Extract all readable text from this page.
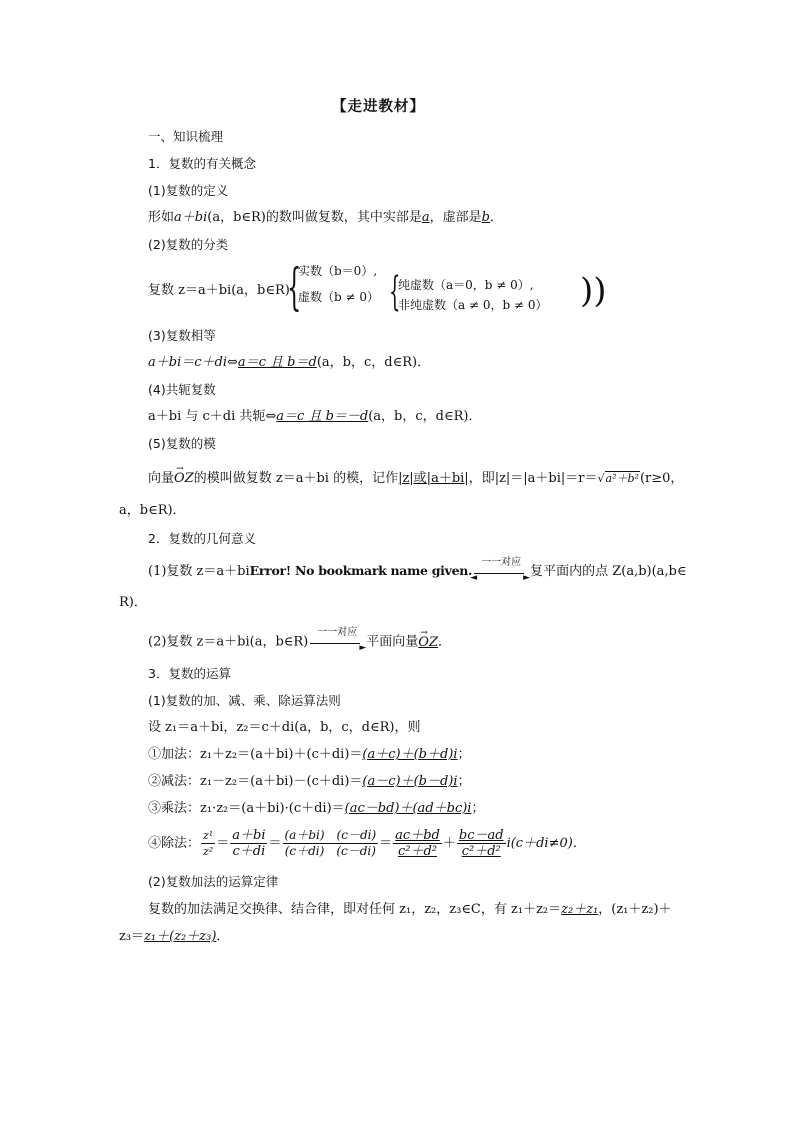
【走进教材】
一、知识梳理
1．复数的有关概念
(1)复数的定义
形如a＋bi(a，b∈R)的数叫做复数，其中实部是a，虚部是b．
(2)复数的分类
复数 z＝a＋bi(a，b∈R)
{
实数（b＝0）,
虚数（b ≠ 0） {
纯虚数（a＝0，b ≠ 0）,
非纯虚数（a ≠ 0，b ≠ 0） ))
(3)复数相等
a＋bi＝c＋di⇔a＝c 且 b＝d(a，b，c，d∈R)．
(4)共轭复数
a＋bi 与 c＋di 共轭⇔a＝c 且 b＝－d(a，b，c，d∈R)．
(5)复数的模
向量→ OZ的模叫做复数 z＝a＋bi 的模，记作|z|或|a＋bi|，即|z|＝|a＋bi|＝r＝√a²＋b²(r≥0，
a，b∈R)．
2．复数的几何意义
(1)复数 z＝a＋biError! No bookmark name given.
一一对应
◄	► 复平面内的点 Z(a,b)(a,b∈
R)．
(2)复数 z＝a＋bi(a，b∈R)
一一对应
► 平面向量→ OZ．
3．复数的运算
(1)复数的加、减、乘、除运算法则
设 z₁＝a＋bi，z₂＝c＋di(a，b，c，d∈R)，则
①加法：z₁＋z₂＝(a＋bi)＋(c＋di)＝(a＋c)＋(b＋d)i；
②减法：z₁－z₂＝(a＋bi)－(c＋di)＝(a－c)＋(b－d)i；
③乘法：z₁·z₂＝(a＋bi)·(c＋di)＝(ac－bd)＋(ad＋bc)i；
④除法： $\frac{\text{z¹}}{\text{z²}} = \frac{a+bi}{c+di} = \frac{(a+bi) (c-di)}{(c+di) (c-di)} = \frac{ac+bd}{\text{c²＋d²}} + \frac{bc-ad}{\text{c²＋d²}} i(c+di\ne 0)$．
(2)复数加法的运算定律
复数的加法满足交换律、结合律，即对任何 z₁，z₂，z₃∈C，有 z₁＋z₂＝z₂＋z₁，(z₁＋z₂)＋
z₃＝z₁＋(z₂＋z₃)．
